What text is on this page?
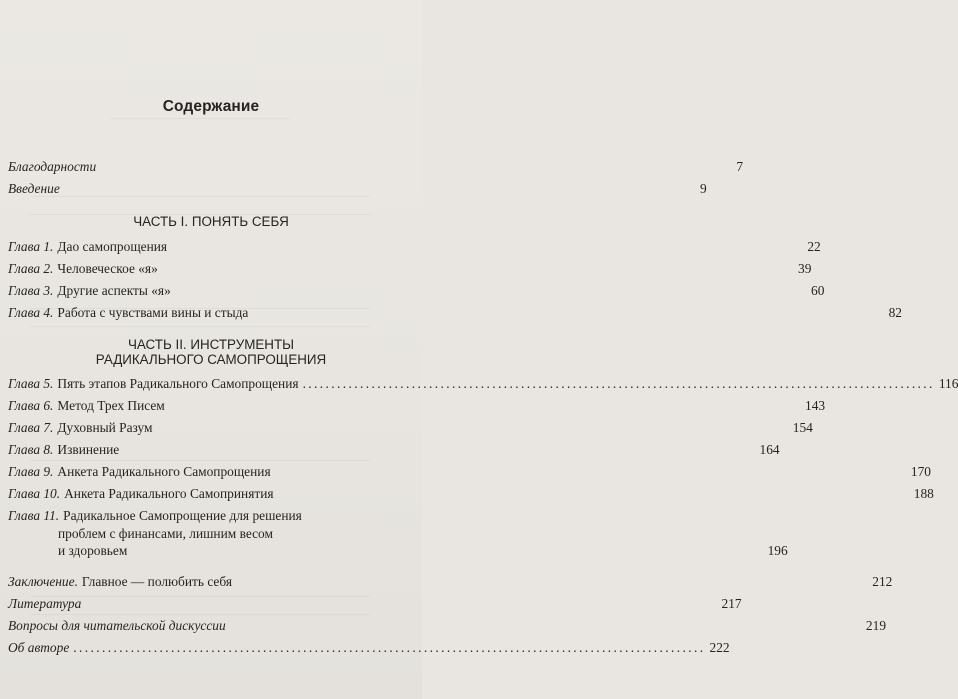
Содержание
Благодарности	7
Введение	9
ЧАСТЬ I. ПОНЯТЬ СЕБЯ
Глава 1. Дао самопрощения	22
Глава 2. Человеческое «я»	39
Глава 3. Другие аспекты «я»	60
Глава 4. Работа с чувствами вины и стыда	82
ЧАСТЬ II. ИНСТРУМЕНТЫ
РАДИКАЛЬНОГО САМОПРОЩЕНИЯ
Глава 5. Пять этапов Радикального Самопрощения .............................................................................................................. 116
Глава 6. Метод Трех Писем	143
Глава 7. Духовный Разум	154
Глава 8. Извинение	164
Глава 9. Анкета Радикального Самопрощения	170
Глава 10. Анкета Радикального Самопринятия	188
Глава 11. Радикальное Самопрощение для решения
проблем с финансами, лишним весом
и здоровьем	196
Заключение. Главное — полюбить себя	212
Литература	217
Вопросы для читательской дискуссии	219
Об авторе .............................................................................................................. 222
